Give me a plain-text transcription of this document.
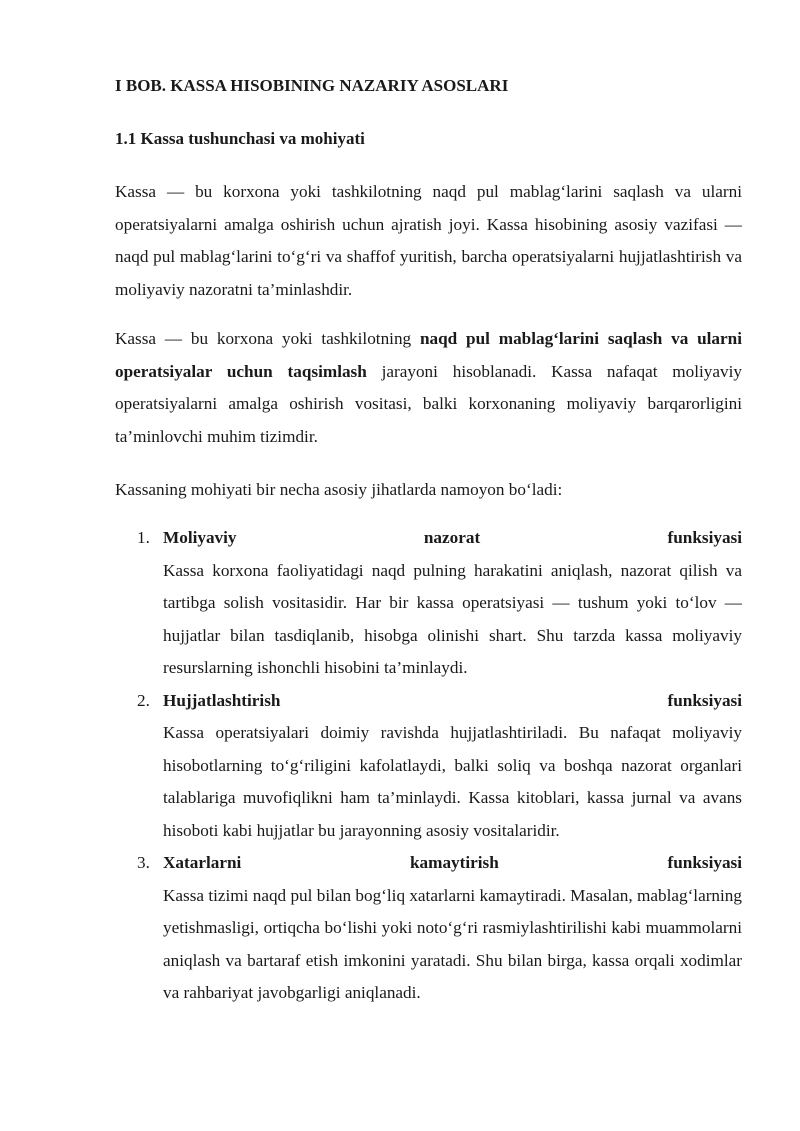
I BOB. KASSA HISOBINING NAZARIY ASOSLARI
1.1 Kassa tushunchasi va mohiyati

Kassa — bu korxona yoki tashkilotning naqd pul mablag‘larini saqlash va ularni operatsiyalarni amalga oshirish uchun ajratish joyi. Kassa hisobining asosiy vazifasi — naqd pul mablag‘larini to‘g‘ri va shaffof yuritish, barcha operatsiyalarni hujjatlashtirish va moliyaviy nazoratni ta’minlashdir.

Kassa — bu korxona yoki tashkilotning naqd pul mablag‘larini saqlash va ularni operatsiyalar uchun taqsimlash jarayoni hisoblanadi. Kassa nafaqat moliyaviy operatsiyalarni amalga oshirish vositasi, balki korxonaning moliyaviy barqarorligini ta’minlovchi muhim tizimdir.

Kassaning mohiyati bir necha asosiy jihatlarda namoyon bo‘ladi:

1. Moliyaviy	nazorat	funksiyasi
Kassa korxona faoliyatidagi naqd pulning harakatini aniqlash, nazorat qilish va tartibga solish vositasidir. Har bir kassa operatsiyasi — tushum yoki to‘lov — hujjatlar bilan tasdiqlanib, hisobga olinishi shart. Shu tarzda kassa moliyaviy resurslarning ishonchli hisobini ta’minlaydi.
2. Hujjatlashtirish	funksiyasi
Kassa operatsiyalari doimiy ravishda hujjatlashtiriladi. Bu nafaqat moliyaviy hisobotlarning to‘g‘riligini kafolatlaydi, balki soliq va boshqa nazorat organlari talablariga muvofiqlikni ham ta’minlaydi. Kassa kitoblari, kassa jurnal va avans hisoboti kabi hujjatlar bu jarayonning asosiy vositalaridir.
3. Xatarlarni	kamaytirish	funksiyasi
Kassa tizimi naqd pul bilan bog‘liq xatarlarni kamaytiradi. Masalan, mablag‘larning yetishmasligi, ortiqcha bo‘lishi yoki noto‘g‘ri rasmiylashtirilishi kabi muammolarni aniqlash va bartaraf etish imkonini yaratadi. Shu bilan birga, kassa orqali xodimlar va rahbariyat javobgarligi aniqlanadi.
